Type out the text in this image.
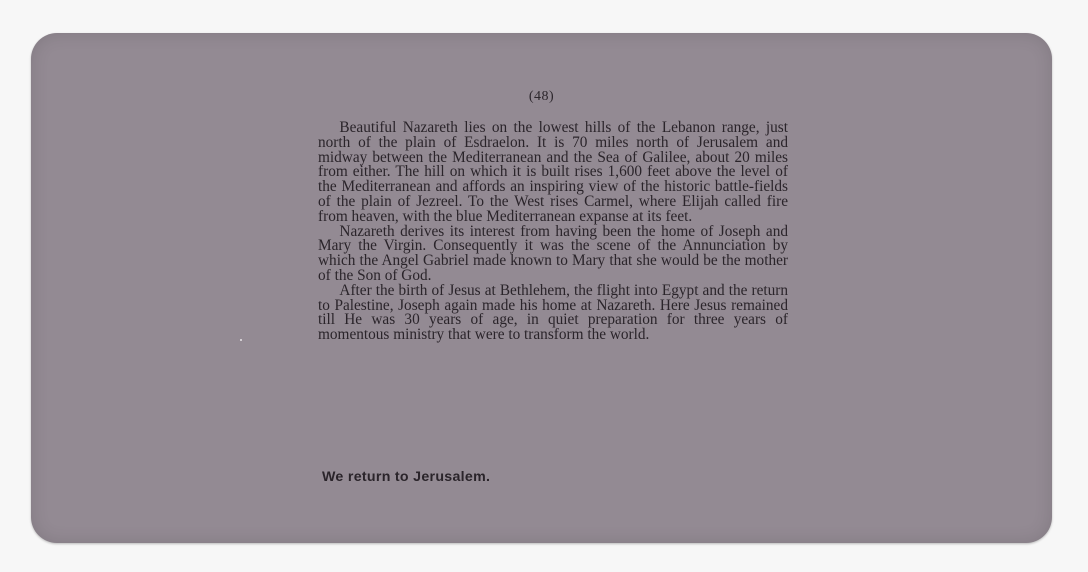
(48)

Beautiful Nazareth lies on the lowest hills of the Lebanon range, just north of the plain of Esdraelon. It is 70 miles north of Jerusalem and midway between the Mediterranean and the Sea of Galilee, about 20 miles from either. The hill on which it is built rises 1,600 feet above the level of the Mediterranean and affords an inspiring view of the historic battle-fields of the plain of Jezreel. To the West rises Carmel, where Elijah called fire from heaven, with the blue Mediterranean expanse at its feet.

Nazareth derives its interest from having been the home of Joseph and Mary the Virgin. Consequently it was the scene of the Annunciation by which the Angel Gabriel made known to Mary that she would be the mother of the Son of God.

After the birth of Jesus at Bethlehem, the flight into Egypt and the return to Palestine, Joseph again made his home at Nazareth. Here Jesus remained till He was 30 years of age, in quiet preparation for three years of momentous ministry that were to transform the world.

We return to Jerusalem.
